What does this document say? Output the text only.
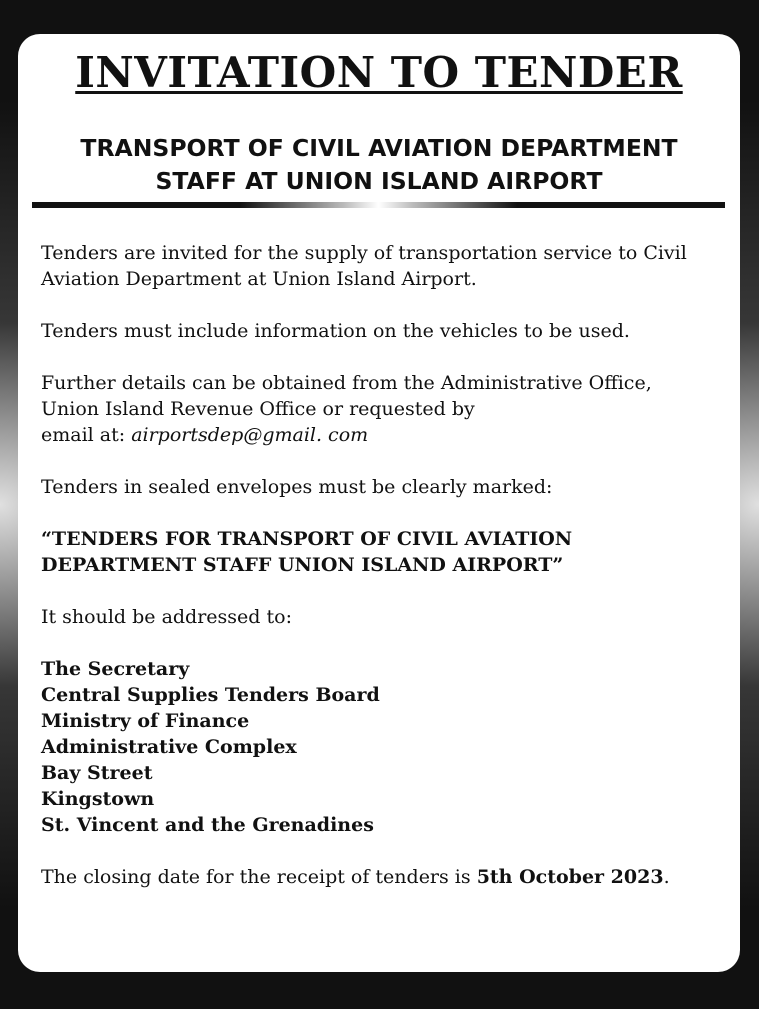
INVITATION TO TENDER
TRANSPORT OF CIVIL AVIATION DEPARTMENT
STAFF AT UNION ISLAND AIRPORT

Tenders are invited for the supply of transportation service to Civil
Aviation Department at Union Island Airport.

Tenders must include information on the vehicles to be used.

Further details can be obtained from the Administrative Office,
Union Island Revenue Office or requested by
email at: airportsdep@gmail. com

Tenders in sealed envelopes must be clearly marked:

“TENDERS FOR TRANSPORT OF CIVIL AVIATION
DEPARTMENT STAFF UNION ISLAND AIRPORT”

It should be addressed to:

The Secretary
Central Supplies Tenders Board
Ministry of Finance
Administrative Complex
Bay Street
Kingstown
St. Vincent and the Grenadines

The closing date for the receipt of tenders is 5th October 2023.
